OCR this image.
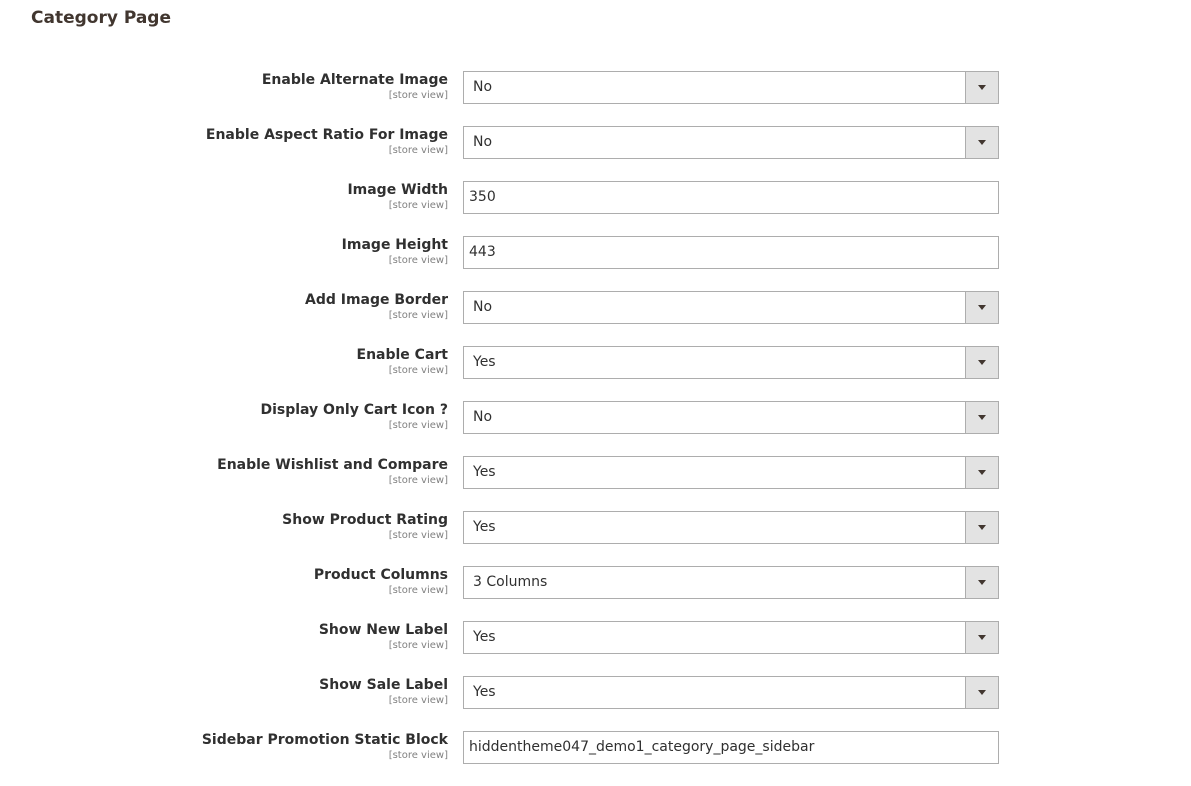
Category Page
Enable Alternate Image
[store view]
No
Enable Aspect Ratio For Image
[store view]
No
Image Width
[store view]
350
Image Height
[store view]
443
Add Image Border
[store view]
No
Enable Cart
[store view]
Yes
Display Only Cart Icon ?
[store view]
No
Enable Wishlist and Compare
[store view]
Yes
Show Product Rating
[store view]
Yes
Product Columns
[store view]
3 Columns
Show New Label
[store view]
Yes
Show Sale Label
[store view]
Yes
Sidebar Promotion Static Block
[store view]
hiddentheme047_demo1_category_page_sidebar
